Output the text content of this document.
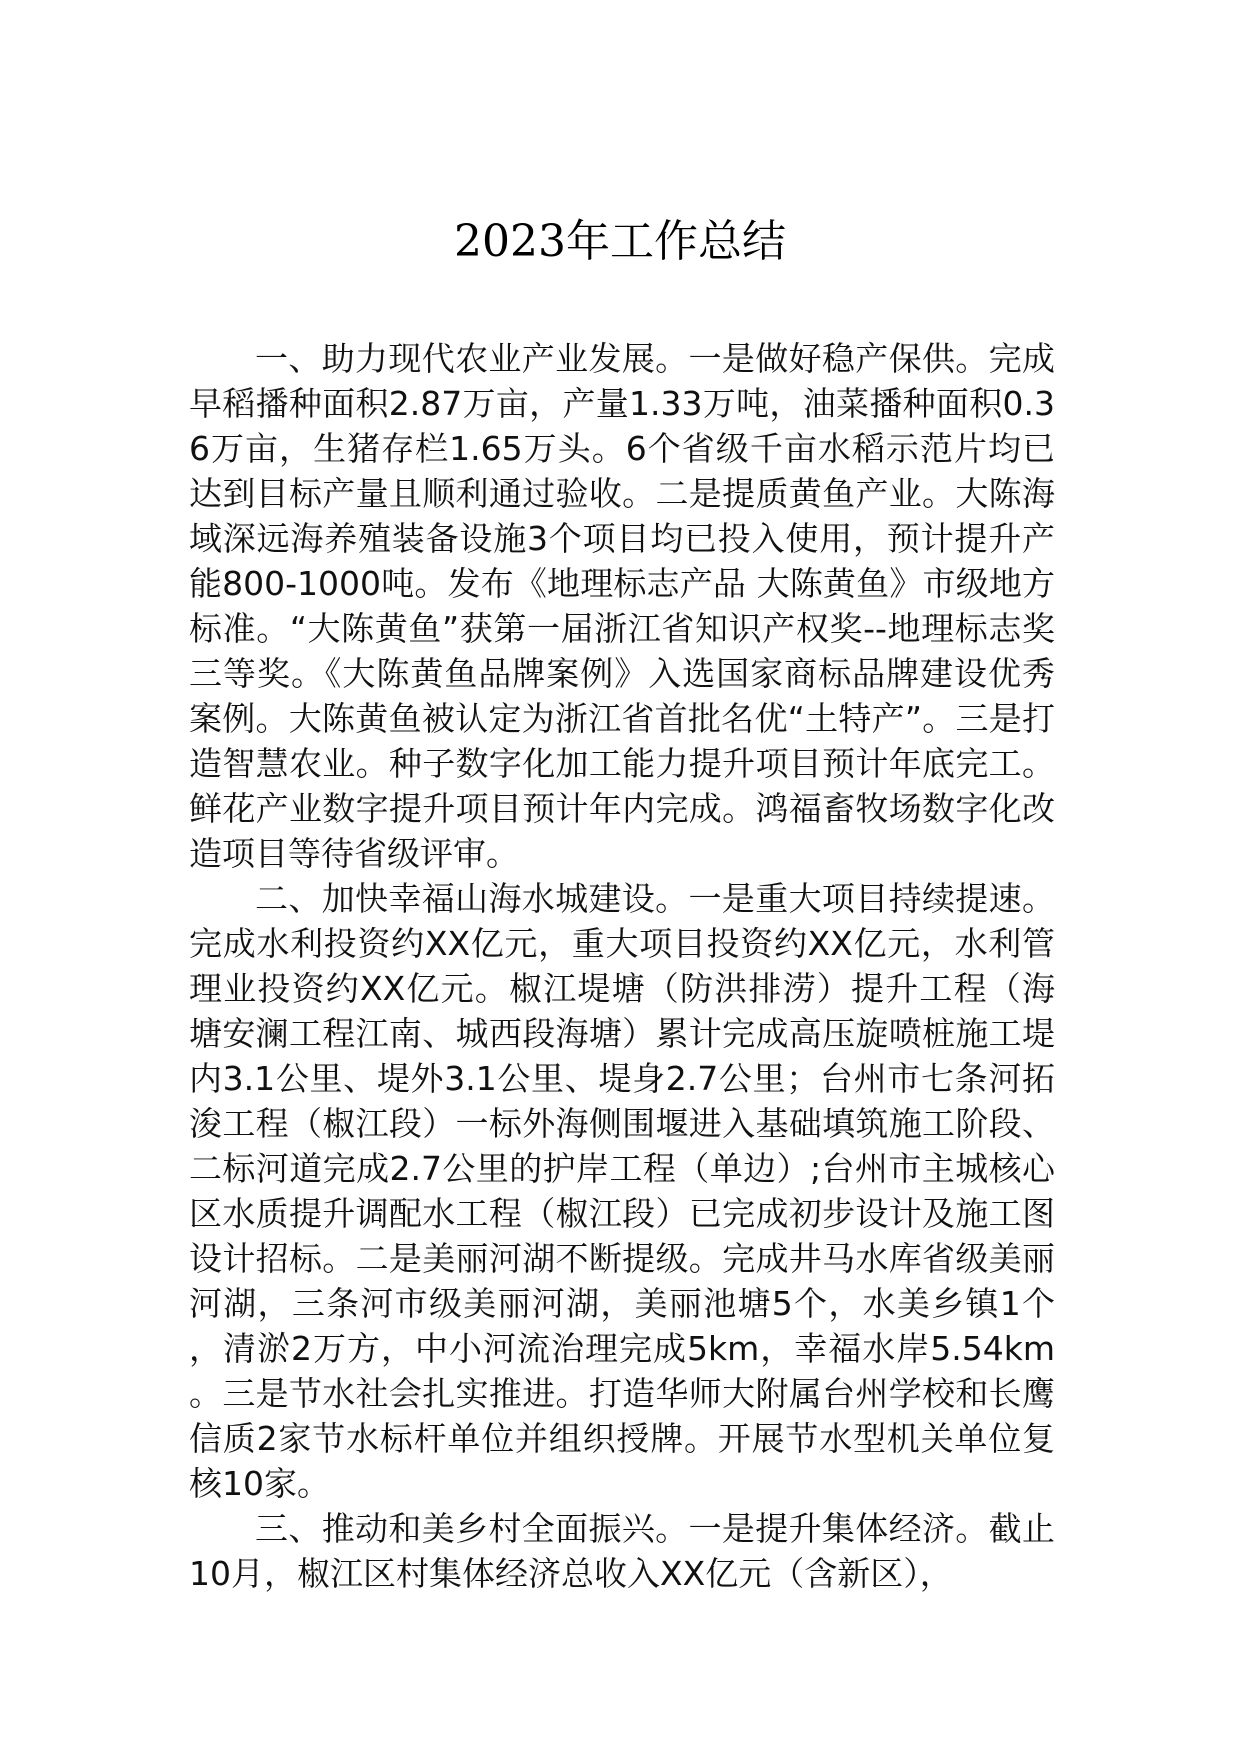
2023年工作总结

一、助力现代农业产业发展。一是做好稳产保供。完成早稻播种面积2.87万亩，产量1.33万吨，油菜播种面积0.36万亩，生猪存栏1.65万头。6个省级千亩水稻示范片均已达到目标产量且顺利通过验收。二是提质黄鱼产业。大陈海域深远海养殖装备设施3个项目均已投入使用，预计提升产能800-1000吨。发布《地理标志产品 大陈黄鱼》市级地方标准。“大陈黄鱼”获第一届浙江省知识产权奖--地理标志奖三等奖。《大陈黄鱼品牌案例》入选国家商标品牌建设优秀案例。大陈黄鱼被认定为浙江省首批名优“土特产”。三是打造智慧农业。种子数字化加工能力提升项目预计年底完工。鲜花产业数字提升项目预计年内完成。鸿福畜牧场数字化改造项目等待省级评审。

二、加快幸福山海水城建设。一是重大项目持续提速。完成水利投资约XX亿元，重大项目投资约XX亿元，水利管理业投资约XX亿元。椒江堤塘（防洪排涝）提升工程（海塘安澜工程江南、城西段海塘）累计完成高压旋喷桩施工堤内3.1公里、堤外3.1公里、堤身2.7公里；台州市七条河拓浚工程（椒江段）一标外海侧围堰进入基础填筑施工阶段、二标河道完成2.7公里的护岸工程（单边）;台州市主城核心区水质提升调配水工程（椒江段）已完成初步设计及施工图设计招标。二是美丽河湖不断提级。完成井马水库省级美丽河湖，三条河市级美丽河湖，美丽池塘5个，水美乡镇1个，清淤2万方，中小河流治理完成5km，幸福水岸5.54km。三是节水社会扎实推进。打造华师大附属台州学校和长鹰信质2家节水标杆单位并组织授牌。开展节水型机关单位复核10家。

三、推动和美乡村全面振兴。一是提升集体经济。截止10月，椒江区村集体经济总收入XX亿元（含新区），
